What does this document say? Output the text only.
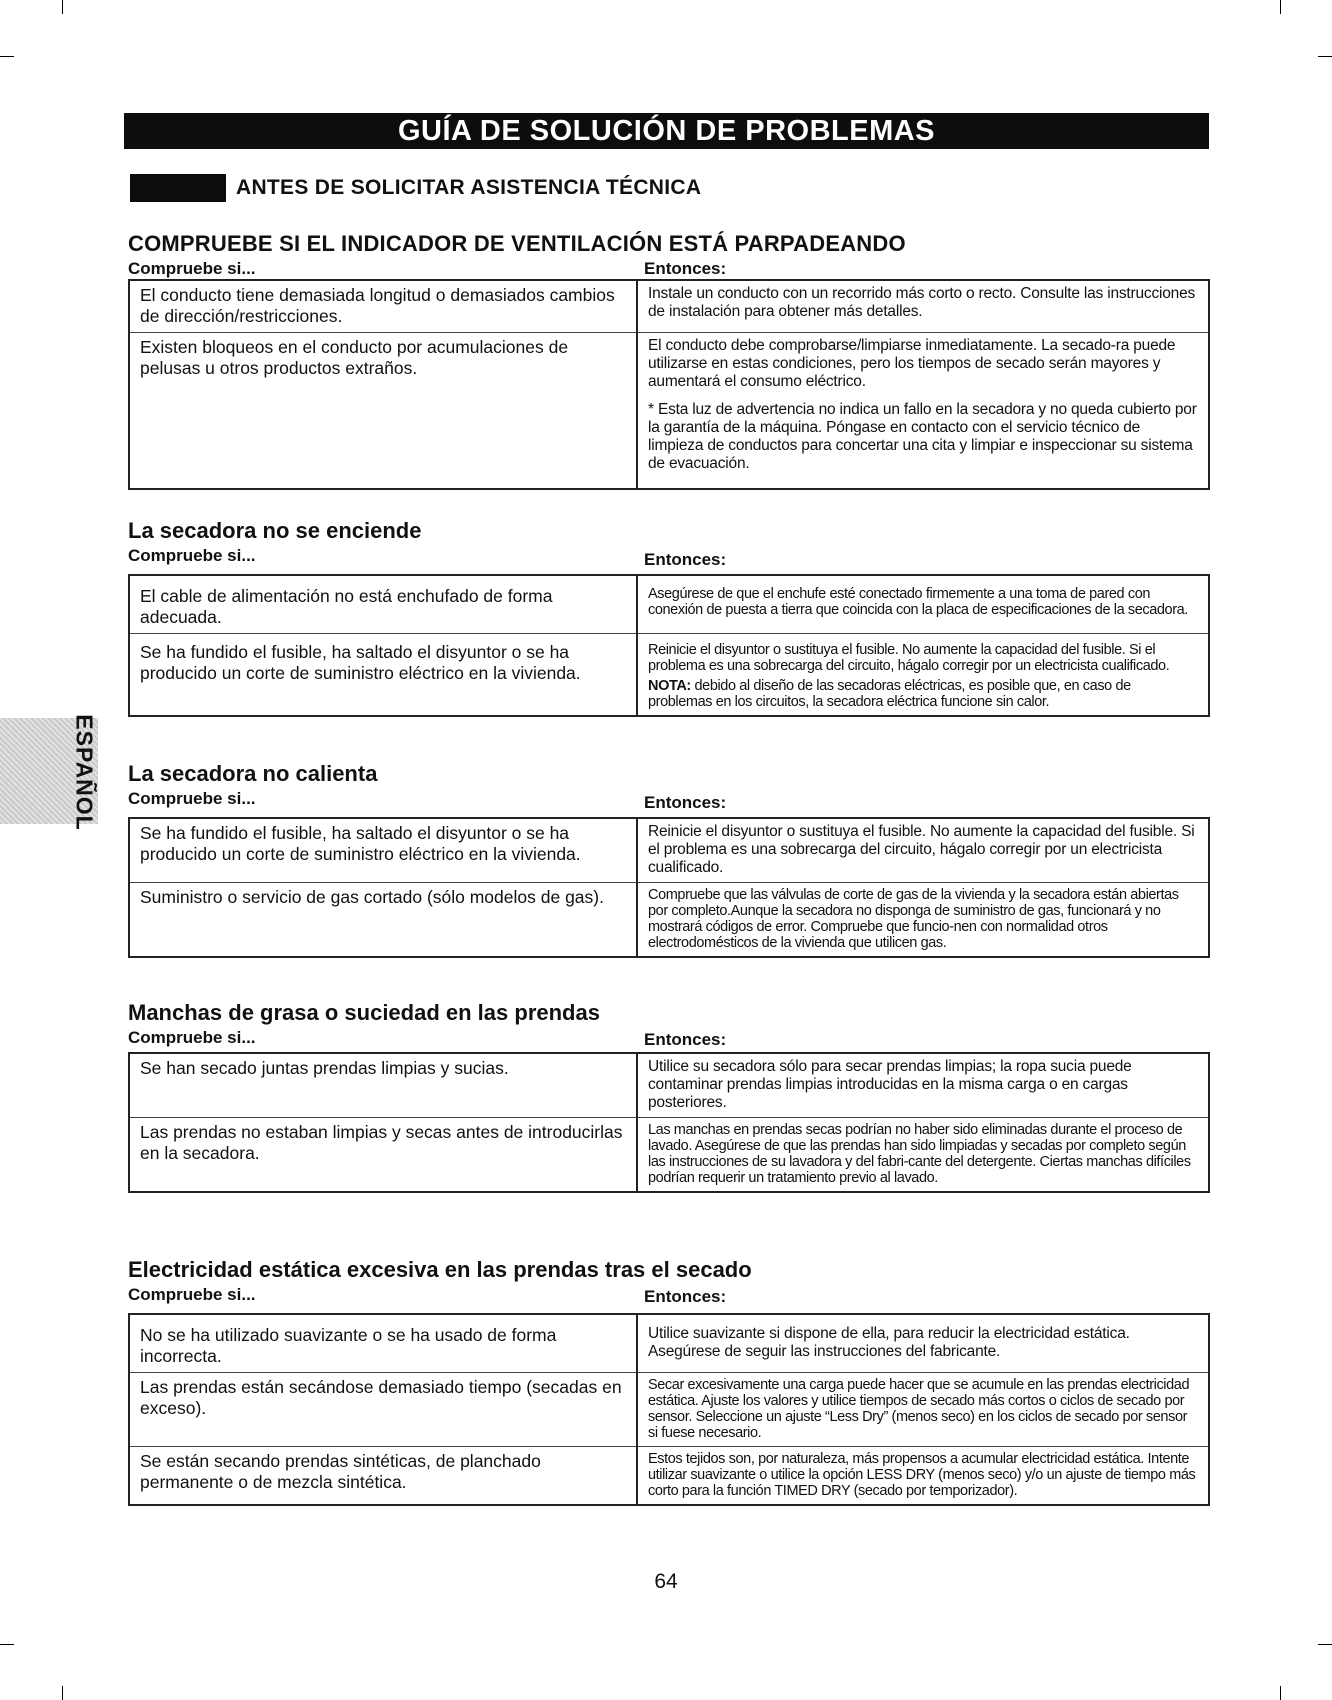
GUÍA DE SOLUCIÓN DE PROBLEMAS
ANTES DE SOLICITAR ASISTENCIA TÉCNICA
ESPAÑOL
COMPRUEBE SI EL INDICADOR DE VENTILACIÓN ESTÁ PARPADEANDO
Compruebe si...	Entonces:
El conducto tiene demasiada longitud o demasiados cambios de dirección/restricciones.	Instale un conducto con un recorrido más corto o recto. Consulte las instrucciones de instalación para obtener más detalles.

Existen bloqueos en el conducto por acumulaciones de pelusas u otros productos extraños.	El conducto debe comprobarse/limpiarse inmediatamente. La secado-ra puede utilizarse en estas condiciones, pero los tiempos de secado serán mayores y aumentará el consumo eléctrico.

* Esta luz de advertencia no indica un fallo en la secadora y no queda cubierto por la garantía de la máquina. Póngase en contacto con el servicio técnico de limpieza de conductos para concertar una cita y limpiar e inspeccionar su sistema de evacuación.

La secadora no se enciende
Compruebe si...	Entonces:
El cable de alimentación no está enchufado de forma adecuada.	Asegúrese de que el enchufe esté conectado firmemente a una toma de pared con conexión de puesta a tierra que coincida con la placa de especificaciones de la secadora.

Se ha fundido el fusible, ha saltado el disyuntor o se ha producido un corte de suministro eléctrico en la vivienda.	Reinicie el disyuntor o sustituya el fusible. No aumente la capacidad del fusible. Si el problema es una sobrecarga del circuito, hágalo corregir por un electricista cualificado.

NOTA: debido al diseño de las secadoras eléctricas, es posible que, en caso de problemas en los circuitos, la secadora eléctrica funcione sin calor.

La secadora no calienta
Compruebe si...	Entonces:
Se ha fundido el fusible, ha saltado el disyuntor o se ha producido un corte de suministro eléctrico en la vivienda.	Reinicie el disyuntor o sustituya el fusible. No aumente la capacidad del fusible. Si el problema es una sobrecarga del circuito, hágalo corregir por un electricista cualificado.

Suministro o servicio de gas cortado (sólo modelos de gas).	Compruebe que las válvulas de corte de gas de la vivienda y la secadora están abiertas por completo.Aunque la secadora no disponga de suministro de gas, funcionará y no mostrará códigos de error. Compruebe que funcio-nen con normalidad otros electrodomésticos de la vivienda que utilicen gas.

Manchas de grasa o suciedad en las prendas
Compruebe si...	Entonces:
Se han secado juntas prendas limpias y sucias.	Utilice su secadora sólo para secar prendas limpias; la ropa sucia puede contaminar prendas limpias introducidas en la misma carga o en cargas posteriores.

Las prendas no estaban limpias y secas antes de introducirlas en la secadora.	Las manchas en prendas secas podrían no haber sido eliminadas durante el proceso de lavado. Asegúrese de que las prendas han sido limpiadas y secadas por completo según las instrucciones de su lavadora y del fabri-cante del detergente. Ciertas manchas difíciles podrían requerir un tratamiento previo al lavado.

Electricidad estática excesiva en las prendas tras el secado
Compruebe si...	Entonces:
No se ha utilizado suavizante o se ha usado de forma incorrecta.	Utilice suavizante si dispone de ella, para reducir la electricidad estática. Asegúrese de seguir las instrucciones del fabricante.

Las prendas están secándose demasiado tiempo (secadas en exceso).	Secar excesivamente una carga puede hacer que se acumule en las prendas electricidad estática. Ajuste los valores y utilice tiempos de secado más cortos o ciclos de secado por sensor. Seleccione un ajuste “Less Dry” (menos seco) en los ciclos de secado por sensor si fuese necesario.

Se están secando prendas sintéticas, de planchado permanente o de mezcla sintética.	Estos tejidos son, por naturaleza, más propensos a acumular electricidad estática. Intente utilizar suavizante o utilice la opción LESS DRY (menos seco) y/o un ajuste de tiempo más corto para la función TIMED DRY (secado por temporizador).

64
